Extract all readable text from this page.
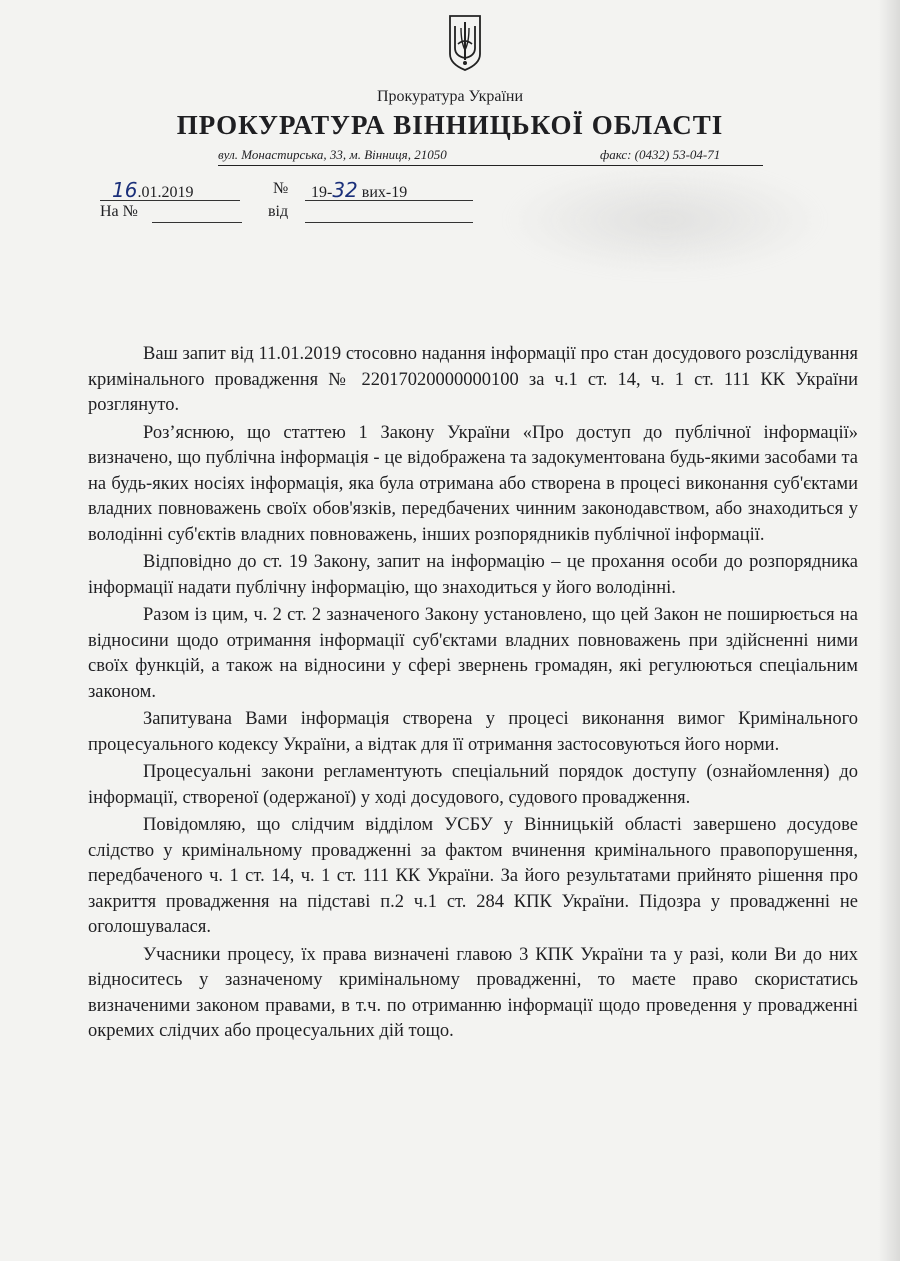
Прокуратура України
ПРОКУРАТУРА ВІННИЦЬКОЇ ОБЛАСТІ
вул. Монастирська, 33, м. Вінниця, 21050	факс: (0432) 53-04-71
16.01.2019	№ 19-32 вих-19
На №	від

Ваш запит від 11.01.2019 стосовно надання інформації про стан досудового розслідування кримінального провадження № 22017020000000100 за ч.1 ст. 14, ч. 1 ст. 111 КК України розглянуто.

Роз’яснюю, що статтею 1 Закону України «Про доступ до публічної інформації» визначено, що публічна інформація - це відображена та задокументована будь-якими засобами та на будь-яких носіях інформація, яка була отримана або створена в процесі виконання суб'єктами владних повноважень своїх обов'язків, передбачених чинним законодавством, або знаходиться у володінні суб'єктів владних повноважень, інших розпорядників публічної інформації.

Відповідно до ст. 19 Закону, запит на інформацію – це прохання особи до розпорядника інформації надати публічну інформацію, що знаходиться у його володінні.

Разом із цим, ч. 2 ст. 2 зазначеного Закону установлено, що цей Закон не поширюється на відносини щодо отримання інформації суб'єктами владних повноважень при здійсненні ними своїх функцій, а також на відносини у сфері звернень громадян, які регулюються спеціальним законом.

Запитувана Вами інформація створена у процесі виконання вимог Кримінального процесуального кодексу України, а відтак для її отримання застосовуються його норми.

Процесуальні закони регламентують спеціальний порядок доступу (ознайомлення) до інформації, створеної (одержаної) у ході досудового, судового провадження.

Повідомляю, що слідчим відділом УСБУ у Вінницькій області завершено досудове слідство у кримінальному провадженні за фактом вчинення кримінального правопорушення, передбаченого ч. 1 ст. 14, ч. 1 ст. 111 КК України. За його результатами прийнято рішення про закриття провадження на підставі п.2 ч.1 ст. 284 КПК України. Підозра у провадженні не оголошувалася.

Учасники процесу, їх права визначені главою 3 КПК України та у разі, коли Ви до них відноситесь у зазначеному кримінальному провадженні, то маєте право скористатись визначеними законом правами, в т.ч. по отриманню інформації щодо проведення у провадженні окремих слідчих або процесуальних дій тощо.
